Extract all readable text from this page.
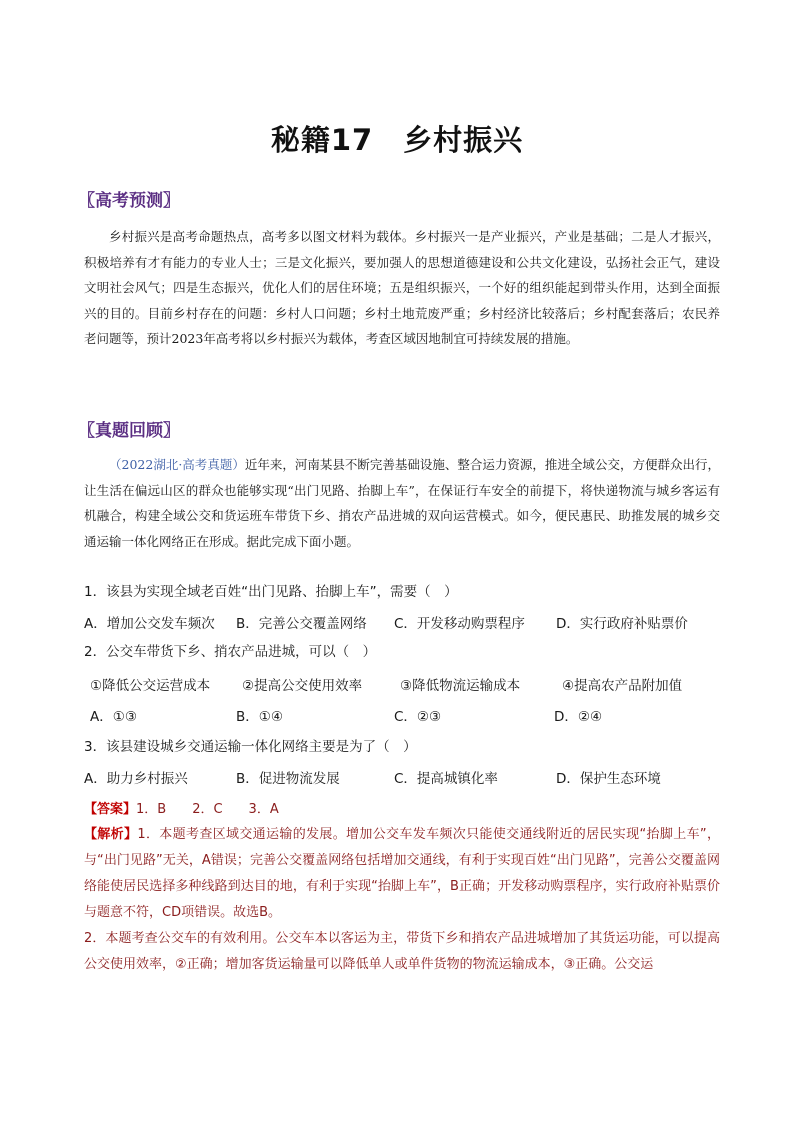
秘籍17　乡村振兴
〖高考预测〗
乡村振兴是高考命题热点，高考多以图文材料为载体。乡村振兴一是产业振兴，产业是基础；二是人才振兴，积极培养有才有能力的专业人士；三是文化振兴，要加强人的思想道德建设和公共文化建设，弘扬社会正气，建设文明社会风气；四是生态振兴，优化人们的居住环境；五是组织振兴，一个好的组织能起到带头作用，达到全面振兴的目的。目前乡村存在的问题：乡村人口问题；乡村土地荒废严重；乡村经济比较落后；乡村配套落后；农民养老问题等，预计2023年高考将以乡村振兴为载体，考查区域因地制宜可持续发展的措施。
〖真题回顾〗
（2022湖北·高考真题）近年来，河南某县不断完善基础设施、整合运力资源，推进全域公交，方便群众出行，让生活在偏远山区的群众也能够实现“出门见路、抬脚上车”，在保证行车安全的前提下，将快递物流与城乡客运有机融合，构建全域公交和货运班车带货下乡、捎农产品进城的双向运营模式。如今，便民惠民、助推发展的城乡交通运输一体化网络正在形成。据此完成下面小题。
1．该县为实现全域老百姓“出门见路、抬脚上车”，需要（　）
A．增加公交发车频次	B．完善公交覆盖网络	C．开发移动购票程序	D．实行政府补贴票价
2．公交车带货下乡、捎农产品进城，可以（　）
①降低公交运营成本	②提高公交使用效率	③降低物流运输成本	④提高农产品附加值
A．①③	B．①④	C．②③	D．②④
3．该县建设城乡交通运输一体化网络主要是为了（　）
A．助力乡村振兴	B．促进物流发展	C．提高城镇化率	D．保护生态环境
【答案】1．B　　2．C　　3．A
【解析】1．本题考查区域交通运输的发展。增加公交车发车频次只能使交通线附近的居民实现“抬脚上车”，与“出门见路”无关，A错误；完善公交覆盖网络包括增加交通线，有利于实现百姓“出门见路”，完善公交覆盖网络能使居民选择多种线路到达目的地，有利于实现“抬脚上车”，B正确；开发移动购票程序，实行政府补贴票价与题意不符，CD项错误。故选B。
2．本题考查公交车的有效利用。公交车本以客运为主，带货下乡和捎农产品进城增加了其货运功能，可以提高公交使用效率，②正确；增加客货运输量可以降低单人或单件货物的物流运输成本，③正确。公交运
